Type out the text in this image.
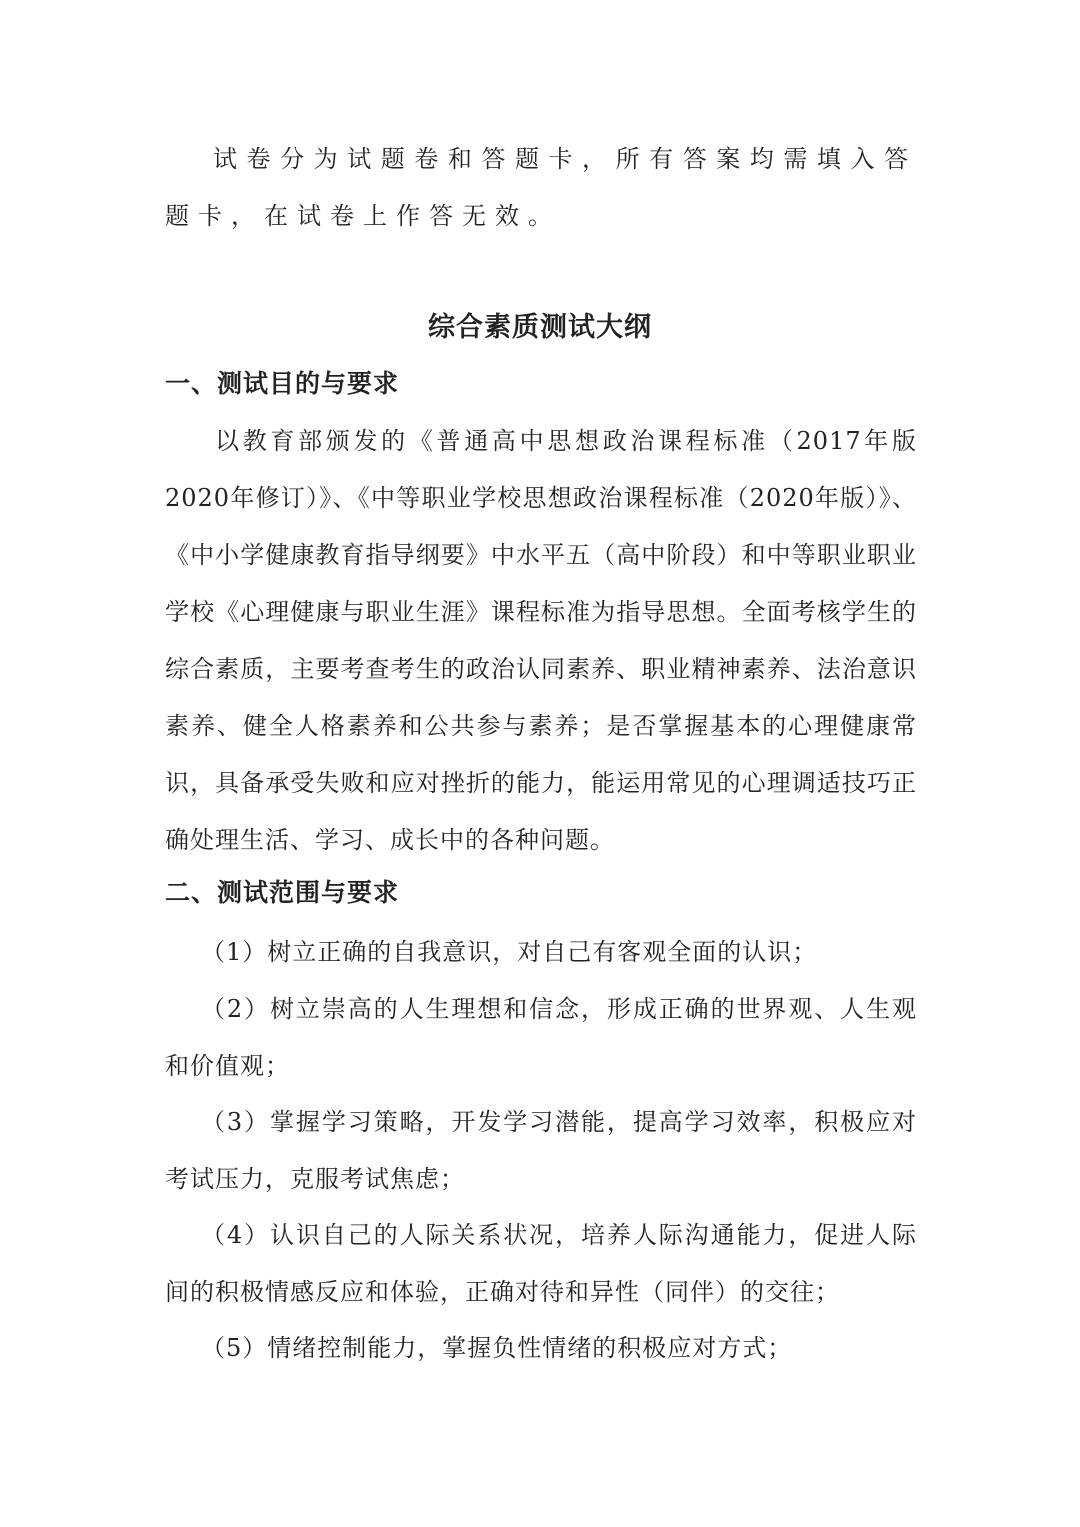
试卷分为试题卷和答题卡，所有答案均需填入答题卡，在试卷上作答无效。

综合素质测试大纲
一、测试目的与要求

以教育部颁发的《普通高中思想政治课程标准（2017年版2020年修订）》、《中等职业学校思想政治课程标准（2020年版）》、《中小学健康教育指导纲要》中水平五（高中阶段）和中等职业职业学校《心理健康与职业生涯》课程标准为指导思想。全面考核学生的综合素质，主要考查考生的政治认同素养、职业精神素养、法治意识素养、健全人格素养和公共参与素养；是否掌握基本的心理健康常识，具备承受失败和应对挫折的能力，能运用常见的心理调适技巧正确处理生活、学习、成长中的各种问题。

二、测试范围与要求

（1）树立正确的自我意识，对自己有客观全面的认识；

（2）树立崇高的人生理想和信念，形成正确的世界观、人生观和价值观；

（3）掌握学习策略，开发学习潜能，提高学习效率，积极应对考试压力，克服考试焦虑；

（4）认识自己的人际关系状况，培养人际沟通能力，促进人际间的积极情感反应和体验，正确对待和异性（同伴）的交往；

（5）情绪控制能力，掌握负性情绪的积极应对方式；
